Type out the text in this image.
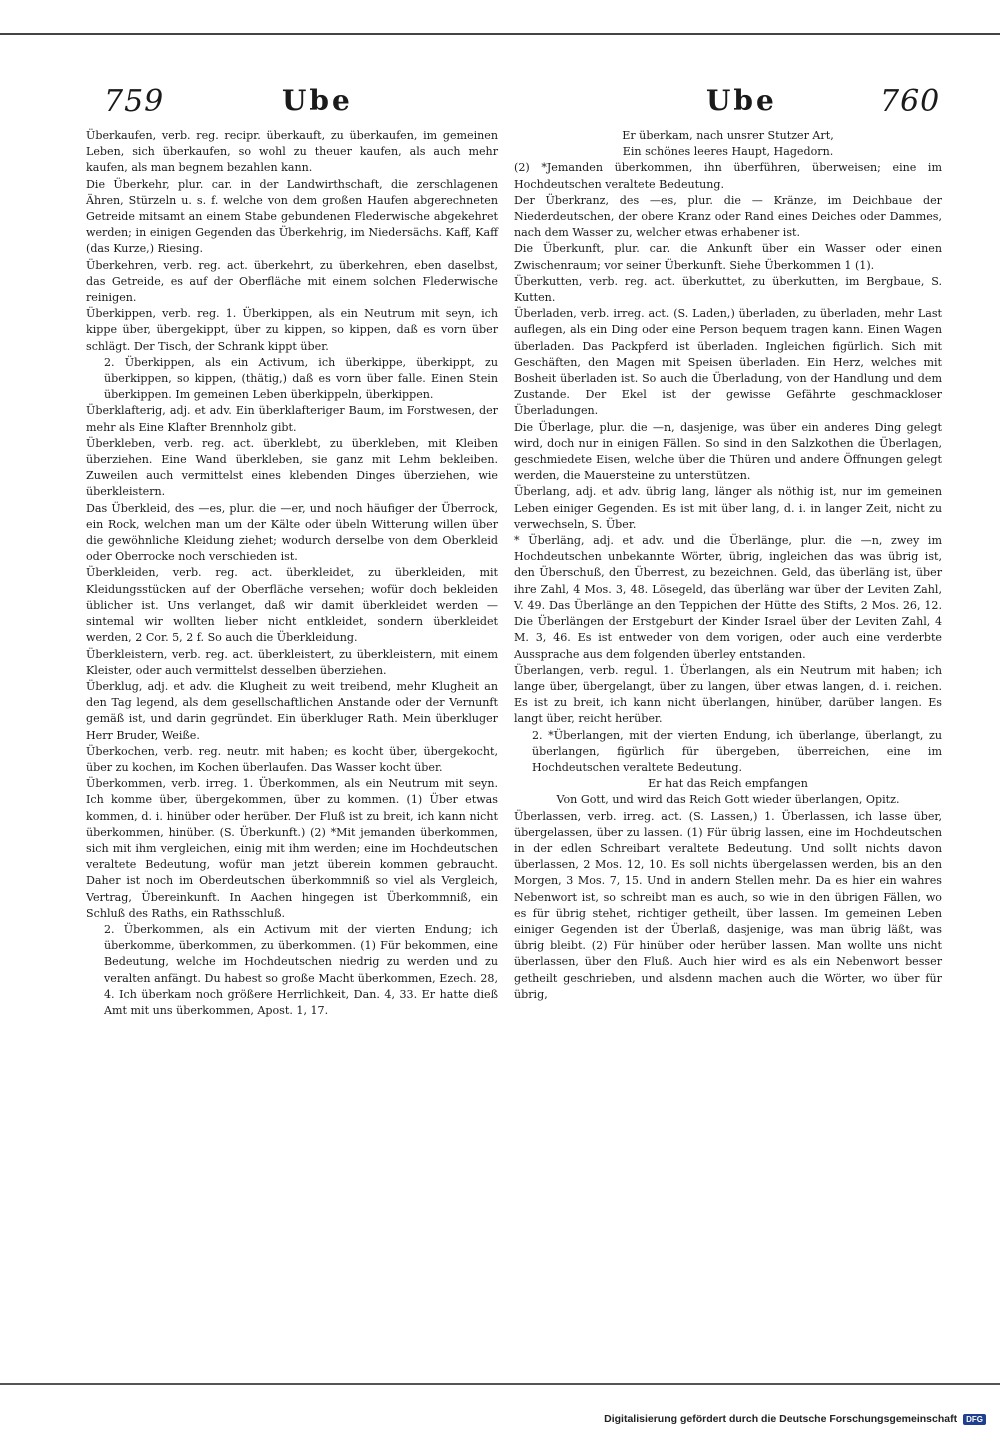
759	Ube	Ube	760

Überkaufen, verb. reg. recipr. überkauft, zu überkaufen, im gemeinen Leben, sich überkaufen, so wohl zu theuer kaufen, als auch mehr kaufen, als man begnem bezahlen kann.

Die Überkehr, plur. car. in der Landwirthschaft, die zerschlagenen Ähren, Stürzeln u. s. f. welche von dem großen Haufen abgerechneten Getreide mitsamt an einem Stabe gebundenen Flederwische abgekehret werden; in einigen Gegenden das Überkehrig, im Niedersächs. Kaff, Kaff (das Kurze,) Riesing.

Überkehren, verb. reg. act. überkehrt, zu überkehren, eben daselbst, das Getreide, es auf der Oberfläche mit einem solchen Flederwische reinigen.

Überkippen, verb. reg. 1. Überkippen, als ein Neutrum mit seyn, ich kippe über, übergekippt, über zu kippen, so kippen, daß es vorn über schlägt. Der Tisch, der Schrank kippt über.

2. Überkippen, als ein Activum, ich überkippe, überkippt, zu überkippen, so kippen, (thätig,) daß es vorn über falle. Einen Stein überkippen. Im gemeinen Leben überkippeln, überkippen.

Überklafterig, adj. et adv. Ein überklafteriger Baum, im Forstwesen, der mehr als Eine Klafter Brennholz gibt.

Überkleben, verb. reg. act. überklebt, zu überkleben, mit Kleiben überziehen. Eine Wand überkleben, sie ganz mit Lehm bekleiben. Zuweilen auch vermittelst eines klebenden Dinges überziehen, wie überkleistern.

Das Überkleid, des —es, plur. die —er, und noch häufiger der Überrock, ein Rock, welchen man um der Kälte oder übeln Witterung willen über die gewöhnliche Kleidung ziehet; wodurch derselbe von dem Oberkleid oder Oberrocke noch verschieden ist.

Überkleiden, verb. reg. act. überkleidet, zu überkleiden, mit Kleidungsstücken auf der Oberfläche versehen; wofür doch bekleiden üblicher ist. Uns verlanget, daß wir damit überkleidet werden — sintemal wir wollten lieber nicht entkleidet, sondern überkleidet werden, 2 Cor. 5, 2 f. So auch die Überkleidung.

Überkleistern, verb. reg. act. überkleistert, zu überkleistern, mit einem Kleister, oder auch vermittelst desselben überziehen.

Überklug, adj. et adv. die Klugheit zu weit treibend, mehr Klugheit an den Tag legend, als dem gesellschaftlichen Anstande oder der Vernunft gemäß ist, und darin gegründet. Ein überkluger Rath. Mein überkluger Herr Bruder, Weiße.

Überkochen, verb. reg. neutr. mit haben; es kocht über, übergekocht, über zu kochen, im Kochen überlaufen. Das Wasser kocht über.

Überkommen, verb. irreg. 1. Überkommen, als ein Neutrum mit seyn. Ich komme über, übergekommen, über zu kommen. (1) Über etwas kommen, d. i. hinüber oder herüber. Der Fluß ist zu breit, ich kann nicht überkommen, hinüber. (S. Überkunft.) (2) *Mit jemanden überkommen, sich mit ihm vergleichen, einig mit ihm werden; eine im Hochdeutschen veraltete Bedeutung, wofür man jetzt überein kommen gebraucht. Daher ist noch im Oberdeutschen überkommniß so viel als Vergleich, Vertrag, Übereinkunft. In Aachen hingegen ist Überkommniß, ein Schluß des Raths, ein Rathsschluß.

2. Überkommen, als ein Activum mit der vierten Endung; ich überkomme, überkommen, zu überkommen. (1) Für bekommen, eine Bedeutung, welche im Hochdeutschen niedrig zu werden und zu veralten anfängt. Du habest so große Macht überkommen, Ezech. 28, 4. Ich überkam noch größere Herrlichkeit, Dan. 4, 33. Er hatte dieß Amt mit uns überkommen, Apost. 1, 17.

Er überkam, nach unsrer Stutzer Art,

Ein schönes leeres Haupt, Hagedorn.

(2) *Jemanden überkommen, ihn überführen, überweisen; eine im Hochdeutschen veraltete Bedeutung.

Der Überkranz, des —es, plur. die — Kränze, im Deichbaue der Niederdeutschen, der obere Kranz oder Rand eines Deiches oder Dammes, nach dem Wasser zu, welcher etwas erhabener ist.

Die Überkunft, plur. car. die Ankunft über ein Wasser oder einen Zwischenraum; vor seiner Überkunft. Siehe Überkommen 1 (1).

Überkutten, verb. reg. act. überkuttet, zu überkutten, im Bergbaue, S. Kutten.

Überladen, verb. irreg. act. (S. Laden,) überladen, zu überladen, mehr Last auflegen, als ein Ding oder eine Person bequem tragen kann. Einen Wagen überladen. Das Packpferd ist überladen. Ingleichen figürlich. Sich mit Geschäften, den Magen mit Speisen überladen. Ein Herz, welches mit Bosheit überladen ist. So auch die Überladung, von der Handlung und dem Zustande. Der Ekel ist der gewisse Gefährte geschmackloser Überladungen.

Die Überlage, plur. die —n, dasjenige, was über ein anderes Ding gelegt wird, doch nur in einigen Fällen. So sind in den Salzkothen die Überlagen, geschmiedete Eisen, welche über die Thüren und andere Öffnungen gelegt werden, die Mauersteine zu unterstützen.

Überlang, adj. et adv. übrig lang, länger als nöthig ist, nur im gemeinen Leben einiger Gegenden. Es ist mit über lang, d. i. in langer Zeit, nicht zu verwechseln, S. Über.

* Überläng, adj. et adv. und die Überlänge, plur. die —n, zwey im Hochdeutschen unbekannte Wörter, übrig, ingleichen das was übrig ist, den Überschuß, den Überrest, zu bezeichnen. Geld, das überläng ist, über ihre Zahl, 4 Mos. 3, 48. Lösegeld, das überläng war über der Leviten Zahl, V. 49. Das Überlänge an den Teppichen der Hütte des Stifts, 2 Mos. 26, 12. Die Überlängen der Erstgeburt der Kinder Israel über der Leviten Zahl, 4 M. 3, 46. Es ist entweder von dem vorigen, oder auch eine verderbte Aussprache aus dem folgenden überley entstanden.

Überlangen, verb. regul. 1. Überlangen, als ein Neutrum mit haben; ich lange über, übergelangt, über zu langen, über etwas langen, d. i. reichen. Es ist zu breit, ich kann nicht überlangen, hinüber, darüber langen. Es langt über, reicht herüber.

2. *Überlangen, mit der vierten Endung, ich überlange, überlangt, zu überlangen, figürlich für übergeben, überreichen, eine im Hochdeutschen veraltete Bedeutung.

Er hat das Reich empfangen

Von Gott, und wird das Reich Gott wieder überlangen, Opitz.

Überlassen, verb. irreg. act. (S. Lassen,) 1. Überlassen, ich lasse über, übergelassen, über zu lassen. (1) Für übrig lassen, eine im Hochdeutschen in der edlen Schreibart veraltete Bedeutung. Und sollt nichts davon überlassen, 2 Mos. 12, 10. Es soll nichts übergelassen werden, bis an den Morgen, 3 Mos. 7, 15. Und in andern Stellen mehr. Da es hier ein wahres Nebenwort ist, so schreibt man es auch, so wie in den übrigen Fällen, wo es für übrig stehet, richtiger getheilt, über lassen. Im gemeinen Leben einiger Gegenden ist der Überlaß, dasjenige, was man übrig läßt, was übrig bleibt. (2) Für hinüber oder herüber lassen. Man wollte uns nicht überlassen, über den Fluß. Auch hier wird es als ein Nebenwort besser getheilt geschrieben, und alsdenn machen auch die Wörter, wo über für übrig,

Digitalisierung gefördert durch die Deutsche Forschungsgemeinschaft	DFG
